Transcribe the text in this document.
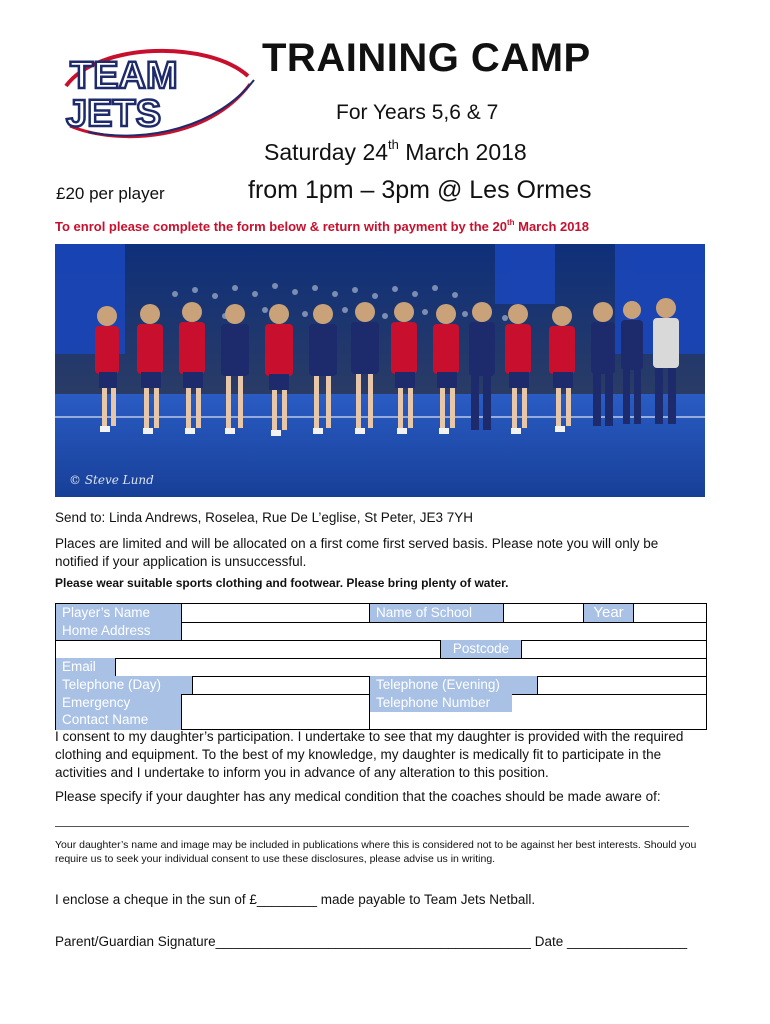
TEAM
JETS
TRAINING CAMP
For Years 5,6 & 7
Saturday 24th March 2018
£20 per player	from 1pm – 3pm @ Les Ormes
To enrol please complete the form below & return with payment by the 20th March 2018
© Steve Lund
Send to: Linda Andrews, Roselea, Rue De L’eglise, St Peter, JE3 7YH
Places are limited and will be allocated on a first come first served basis. Please note you will only be notified if your application is unsuccessful.
Please wear suitable sports clothing and footwear. Please bring plenty of water.
Player’s Name	Name of School	Year
Home Address
Postcode
Email
Telephone (Day)	Telephone (Evening)
Emergency
Contact Name
Telephone Number
I consent to my daughter’s participation. I undertake to see that my daughter is provided with the required clothing and equipment. To the best of my knowledge, my daughter is medically fit to participate in the activities and I undertake to inform you in advance of any alteration to this position.
Please specify if your daughter has any medical condition that the coaches should be made aware of:
Your daughter’s name and image may be included in publications where this is considered not to be against her best interests. Should you require us to seek your individual consent to use these disclosures, please advise us in writing.
I enclose a cheque in the sun of £________ made payable to Team Jets Netball.
Parent/Guardian Signature__________________________________________ Date ________________
